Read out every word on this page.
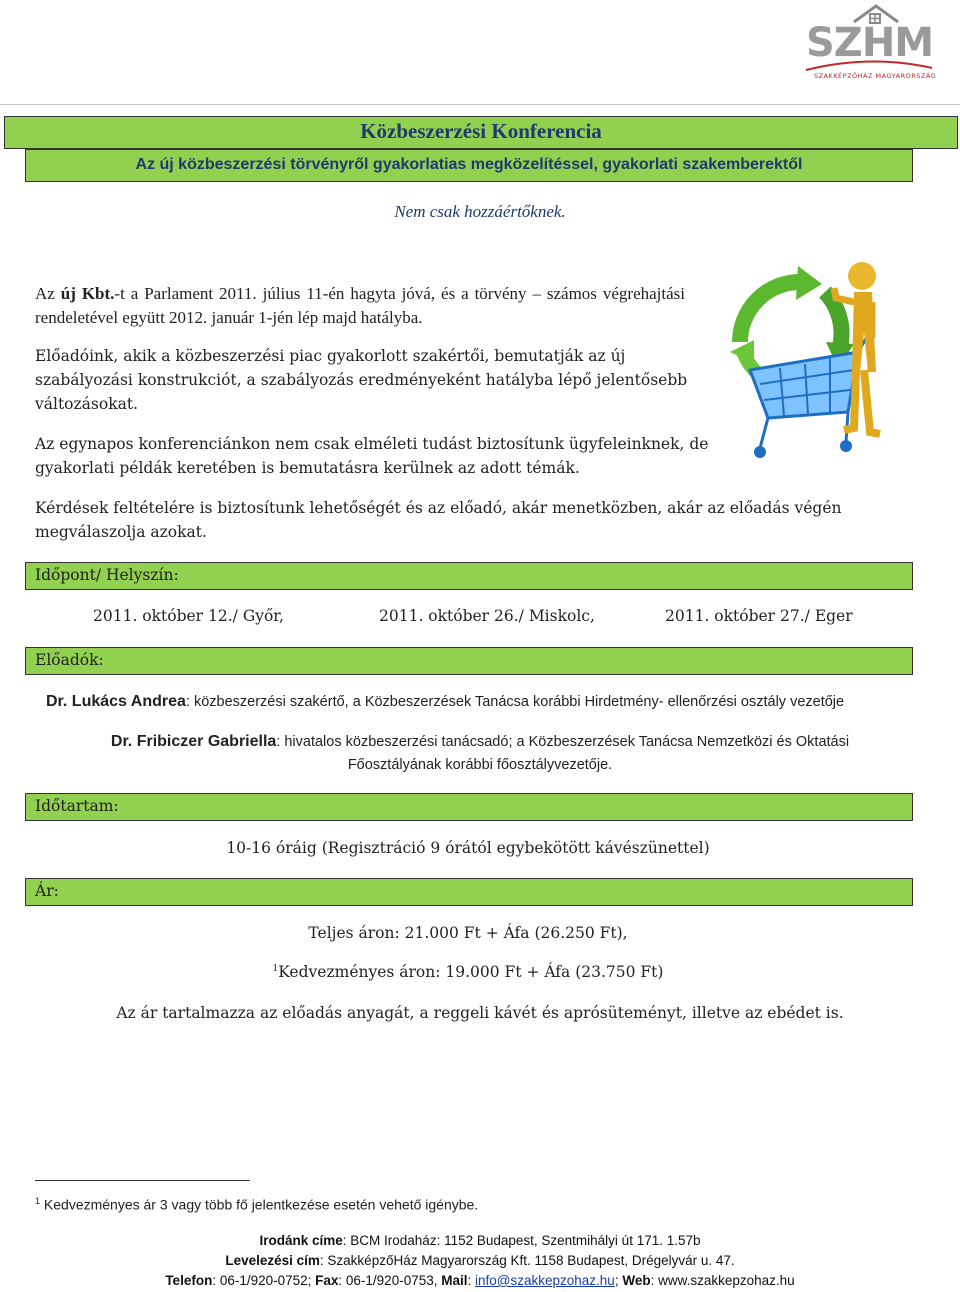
SZHM
SZAKKÉPZŐHÁZ MAGYARORSZÁG
Közbeszerzési Konferencia
Az új közbeszerzési törvényről gyakorlatias megközelítéssel, gyakorlati szakemberektől
Nem csak hozzáértőknek.
Az új Kbt.-t a Parlament 2011. július 11-én hagyta jóvá, és a törvény – számos végrehajtási rendeletével együtt 2012. január 1-jén lép majd hatályba.
Előadóink, akik a közbeszerzési piac gyakorlott szakértői, bemutatják az új szabályozási konstrukciót, a szabályozás eredményeként hatályba lépő jelentősebb változásokat.
Az egynapos konferenciánkon nem csak elméleti tudást biztosítunk ügyfeleinknek, de gyakorlati példák keretében is bemutatásra kerülnek az adott témák.
Kérdések feltételére is biztosítunk lehetőségét és az előadó, akár menetközben, akár az előadás végén megválaszolja azokat.
Időpont/ Helyszín:
2011. október 12./ Győr,	2011. október 26./ Miskolc,	2011. október 27./ Eger
Előadók:
Dr. Lukács Andrea: közbeszerzési szakértő, a Közbeszerzések Tanácsa korábbi Hirdetmény- ellenőrzési osztály vezetője
Dr. Fribiczer Gabriella: hivatalos közbeszerzési tanácsadó; a Közbeszerzések Tanácsa Nemzetközi és Oktatási
Főosztályának korábbi főosztályvezetője.
Időtartam:
10-16 óráig (Regisztráció 9 órától egybekötött kávészünettel)
Ár:
Teljes áron: 21.000 Ft + Áfa (26.250 Ft),
$^1$Kedvezményes áron: 19.000 Ft + Áfa (23.750 Ft)
Az ár tartalmazza az előadás anyagát, a reggeli kávét és aprósüteményt, illetve az ebédet is.
$^1$ Kedvezményes ár 3 vagy több fő jelentkezése esetén vehető igénybe.
Irodánk címe: BCM Irodaház: 1152 Budapest, Szentmihályi út 171. 1.57b
Levelezési cím: SzakképzőHáz Magyarország Kft. 1158 Budapest, Drégelyvár u. 47.
Telefon: 06-1/920-0752; Fax: 06-1/920-0753, Mail: info@szakkepzohaz.hu; Web: www.szakkepzohaz.hu
